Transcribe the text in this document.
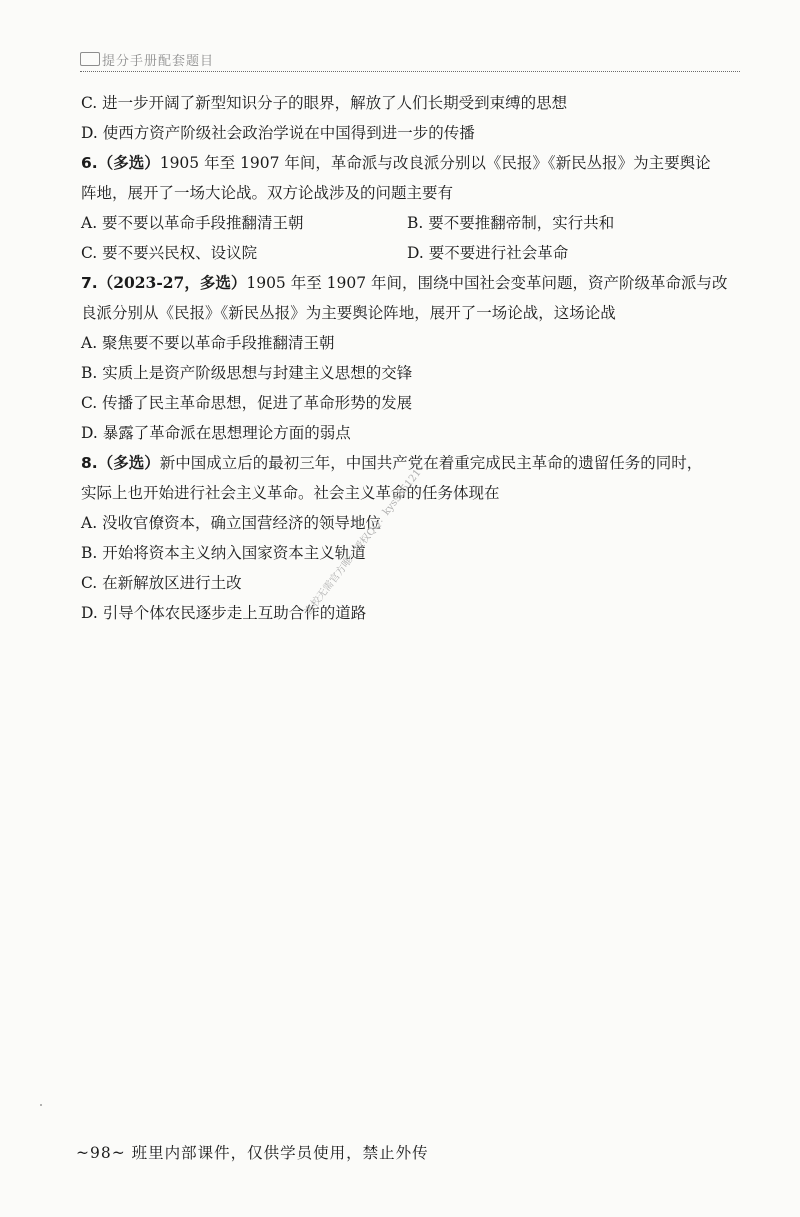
提分手册配套题目
C. 进一步开阔了新型知识分子的眼界，解放了人们长期受到束缚的思想
D. 使西方资产阶级社会政治学说在中国得到进一步的传播
6.（多选）1905 年至 1907 年间，革命派与改良派分别以《民报》《新民丛报》为主要舆论
阵地，展开了一场大论战。双方论战涉及的问题主要有
A. 要不要以革命手段推翻清王朝	B. 要不要推翻帝制，实行共和
C. 要不要兴民权、设议院	D. 要不要进行社会革命
7.（2023-27，多选）1905 年至 1907 年间，围绕中国社会变革问题，资产阶级革命派与改
良派分别从《民报》《新民丛报》为主要舆论阵地，展开了一场论战，这场论战
A. 聚焦要不要以革命手段推翻清王朝
B. 实质上是资产阶级思想与封建主义思想的交锋
C. 传播了民主革命思想，促进了革命形势的发展
D. 暴露了革命派在思想理论方面的弱点
8.（多选）新中国成立后的最初三年，中国共产党在着重完成民主革命的遗留任务的同时，
实际上也开始进行社会主义革命。社会主义革命的任务体现在
A. 没收官僚资本，确立国营经济的领导地位
B. 开始将资本主义纳入国家资本主义轨道
C. 在新解放区进行土改
D. 引导个体农民逐步走上互助合作的道路
盗校无需官方唯一授权QQ：kys985121
~98~ 班里内部课件，仅供学员使用，禁止外传
